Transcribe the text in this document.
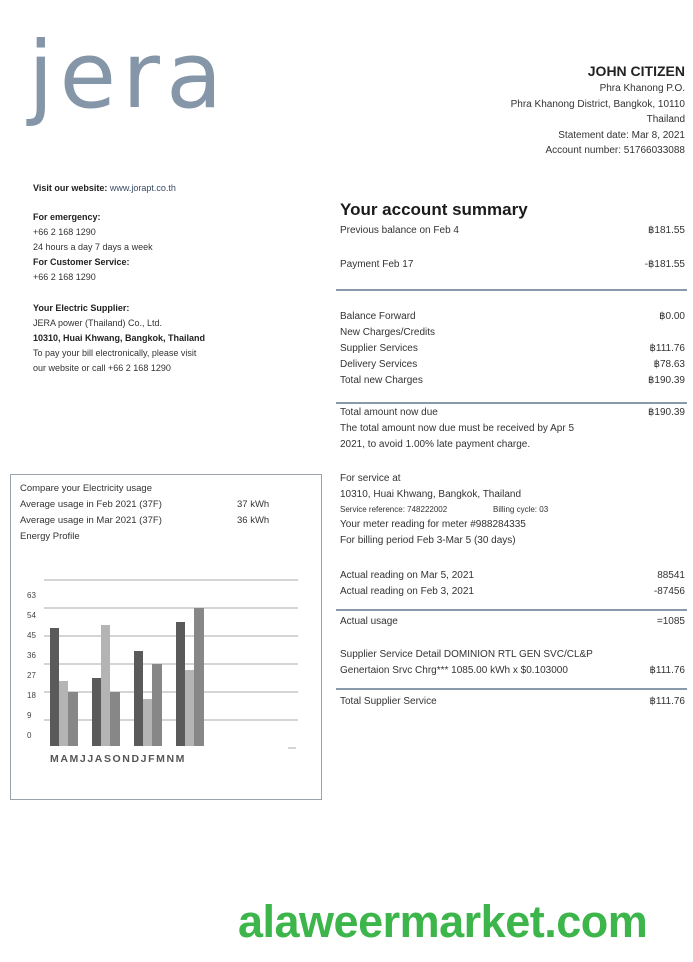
jera	JOHN CITIZEN
Phra Khanong P.O.
Phra Khanong District, Bangkok, 10110
Thailand
Statement date: Mar 8, 2021
Account number: 51766033088
Visit our website: www.jorapt.co.th
For emergency:
+66 2 168 1290
24 hours a day 7 days a week
For Customer Service:
+66 2 168 1290
Your Electric Supplier:
JERA power (Thailand) Co., Ltd.
10310, Huai Khwang, Bangkok, Thailand
To pay your bill electronically, please visit
our website or call +66 2 168 1290
Your account summary
Previous balance on Feb 4	฿181.55
Payment Feb 17	-฿181.55
Balance Forward	฿0.00
New Charges/Credits
Supplier Services	฿111.76
Delivery Services	฿78.63
Total new Charges	฿190.39
Total amount now due	฿190.39
The total amount now due must be received by Apr 5
2021, to avoid 1.00% late payment charge.
For service at
10310, Huai Khwang, Bangkok, Thailand
Service reference: 748222002	Billing cycle: 03
Your meter reading for meter #988284335
For billing period Feb 3-Mar 5 (30 days)
Actual reading on Mar 5, 2021	88541
Actual reading on Feb 3, 2021	-87456
Actual usage	=1085
Supplier Service Detail DOMINION RTL GEN SVC/CL&P
Genertaion Srvc Chrg*** 1085.00 kWh x $0.103000	฿111.76
Total Supplier Service	฿111.76
Compare your Electricity usage
Average usage in Feb 2021 (37F)	37 kWh
Average usage in Mar 2021 (37F)	36 kWh
Energy Profile
63
54
45
36
27
18
9
0
MAMJJASONDJFMNM
alaweermarket.com
